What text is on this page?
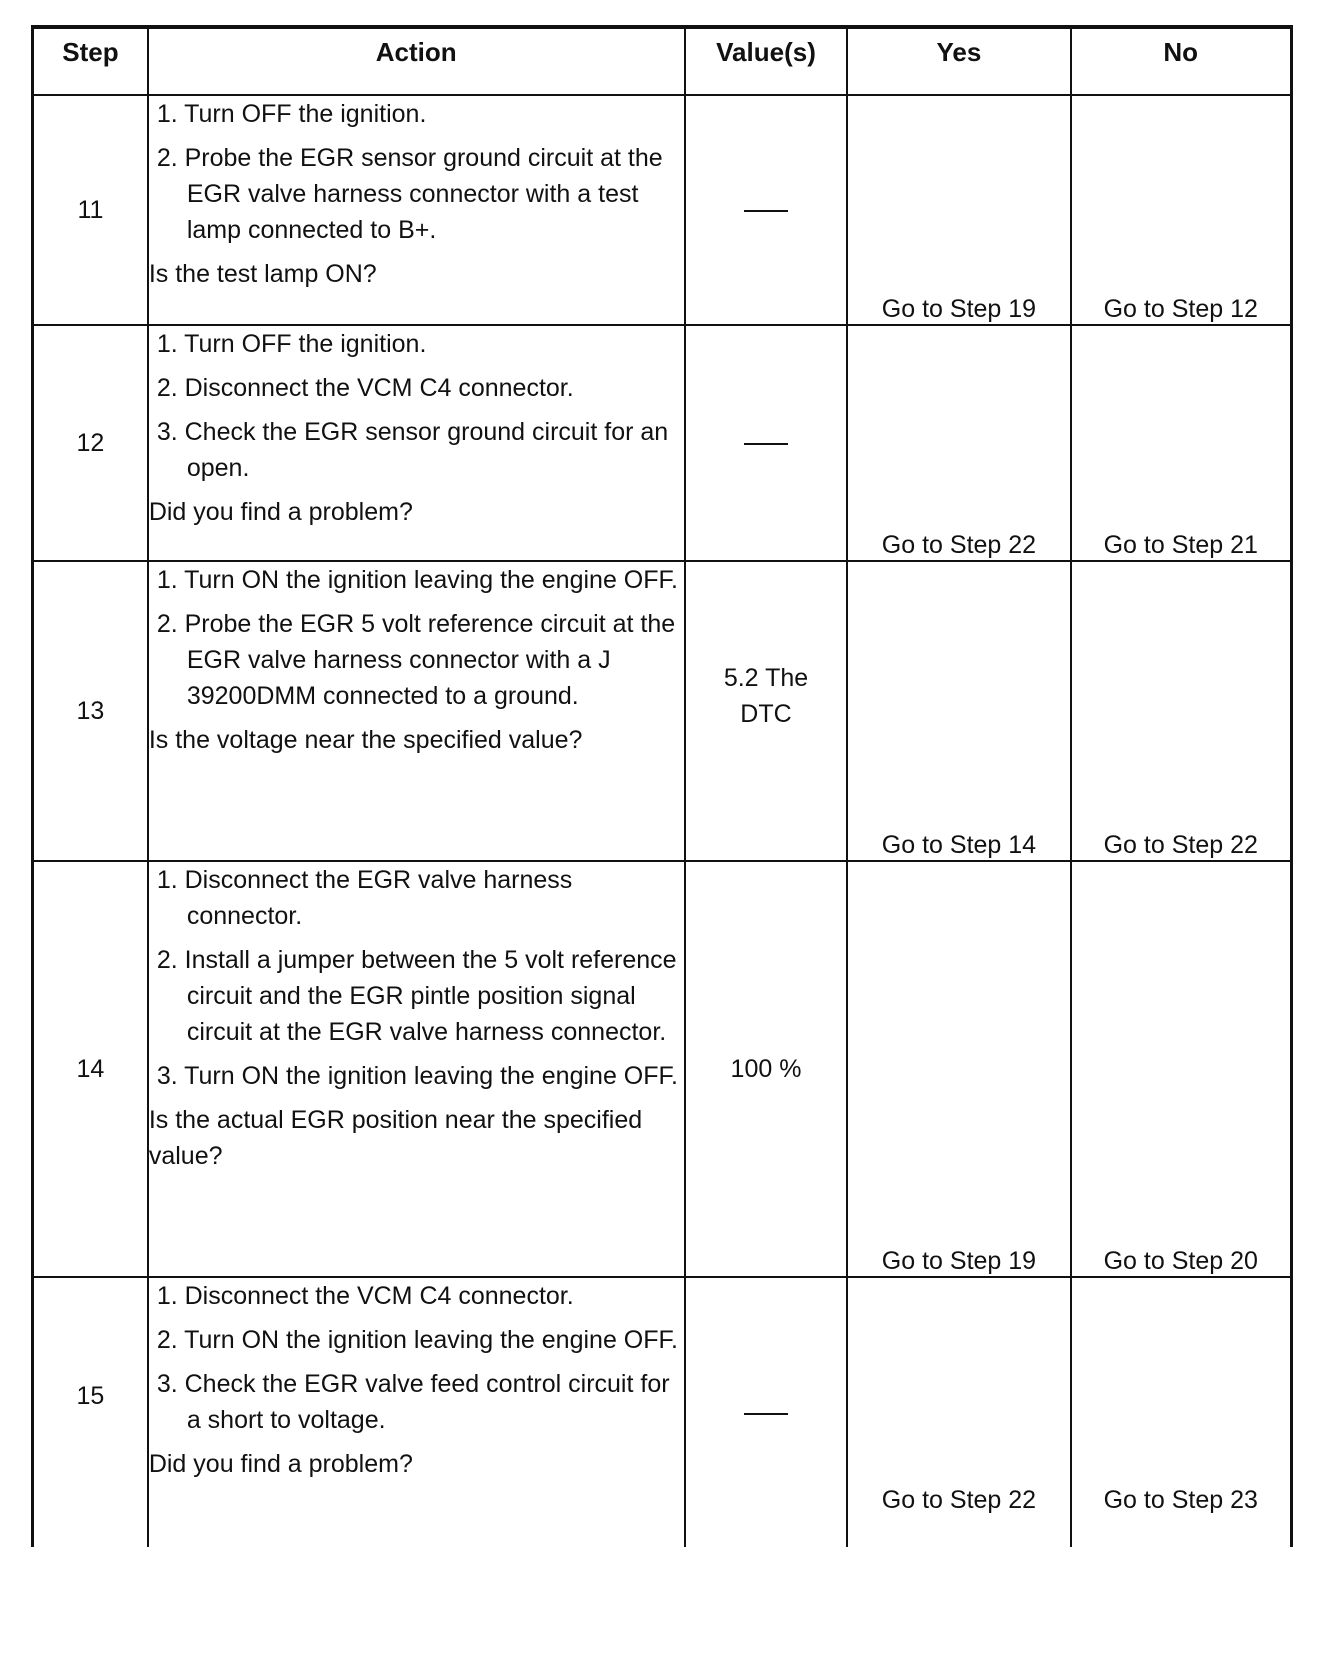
Step	Action	Value(s)	Yes	No
11	1. Turn OFF the ignition.
2. Probe the EGR sensor ground circuit at the EGR valve harness connector with a test lamp connected to B+.
Is the test lamp ON?		Go to Step 19	Go to Step 12
12	1. Turn OFF the ignition.
2. Disconnect the VCM C4 connector.
3. Check the EGR sensor ground circuit for an open.
Did you find a problem?		Go to Step 22	Go to Step 21
13	1. Turn ON the ignition leaving the engine OFF.
2. Probe the EGR 5 volt reference circuit at the EGR valve harness connector with a J 39200DMM connected to a ground.
Is the voltage near the specified value?	5.2 The DTC	Go to Step 14	Go to Step 22
14	1. Disconnect the EGR valve harness connector.
2. Install a jumper between the 5 volt reference circuit and the EGR pintle position signal circuit at the EGR valve harness connector.
3. Turn ON the ignition leaving the engine OFF.
Is the actual EGR position near the specified value?	100 %	Go to Step 19	Go to Step 20
15	1. Disconnect the VCM C4 connector.
2. Turn ON the ignition leaving the engine OFF.
3. Check the EGR valve feed control circuit for a short to voltage.
Did you find a problem?		Go to Step 22	Go to Step 23
